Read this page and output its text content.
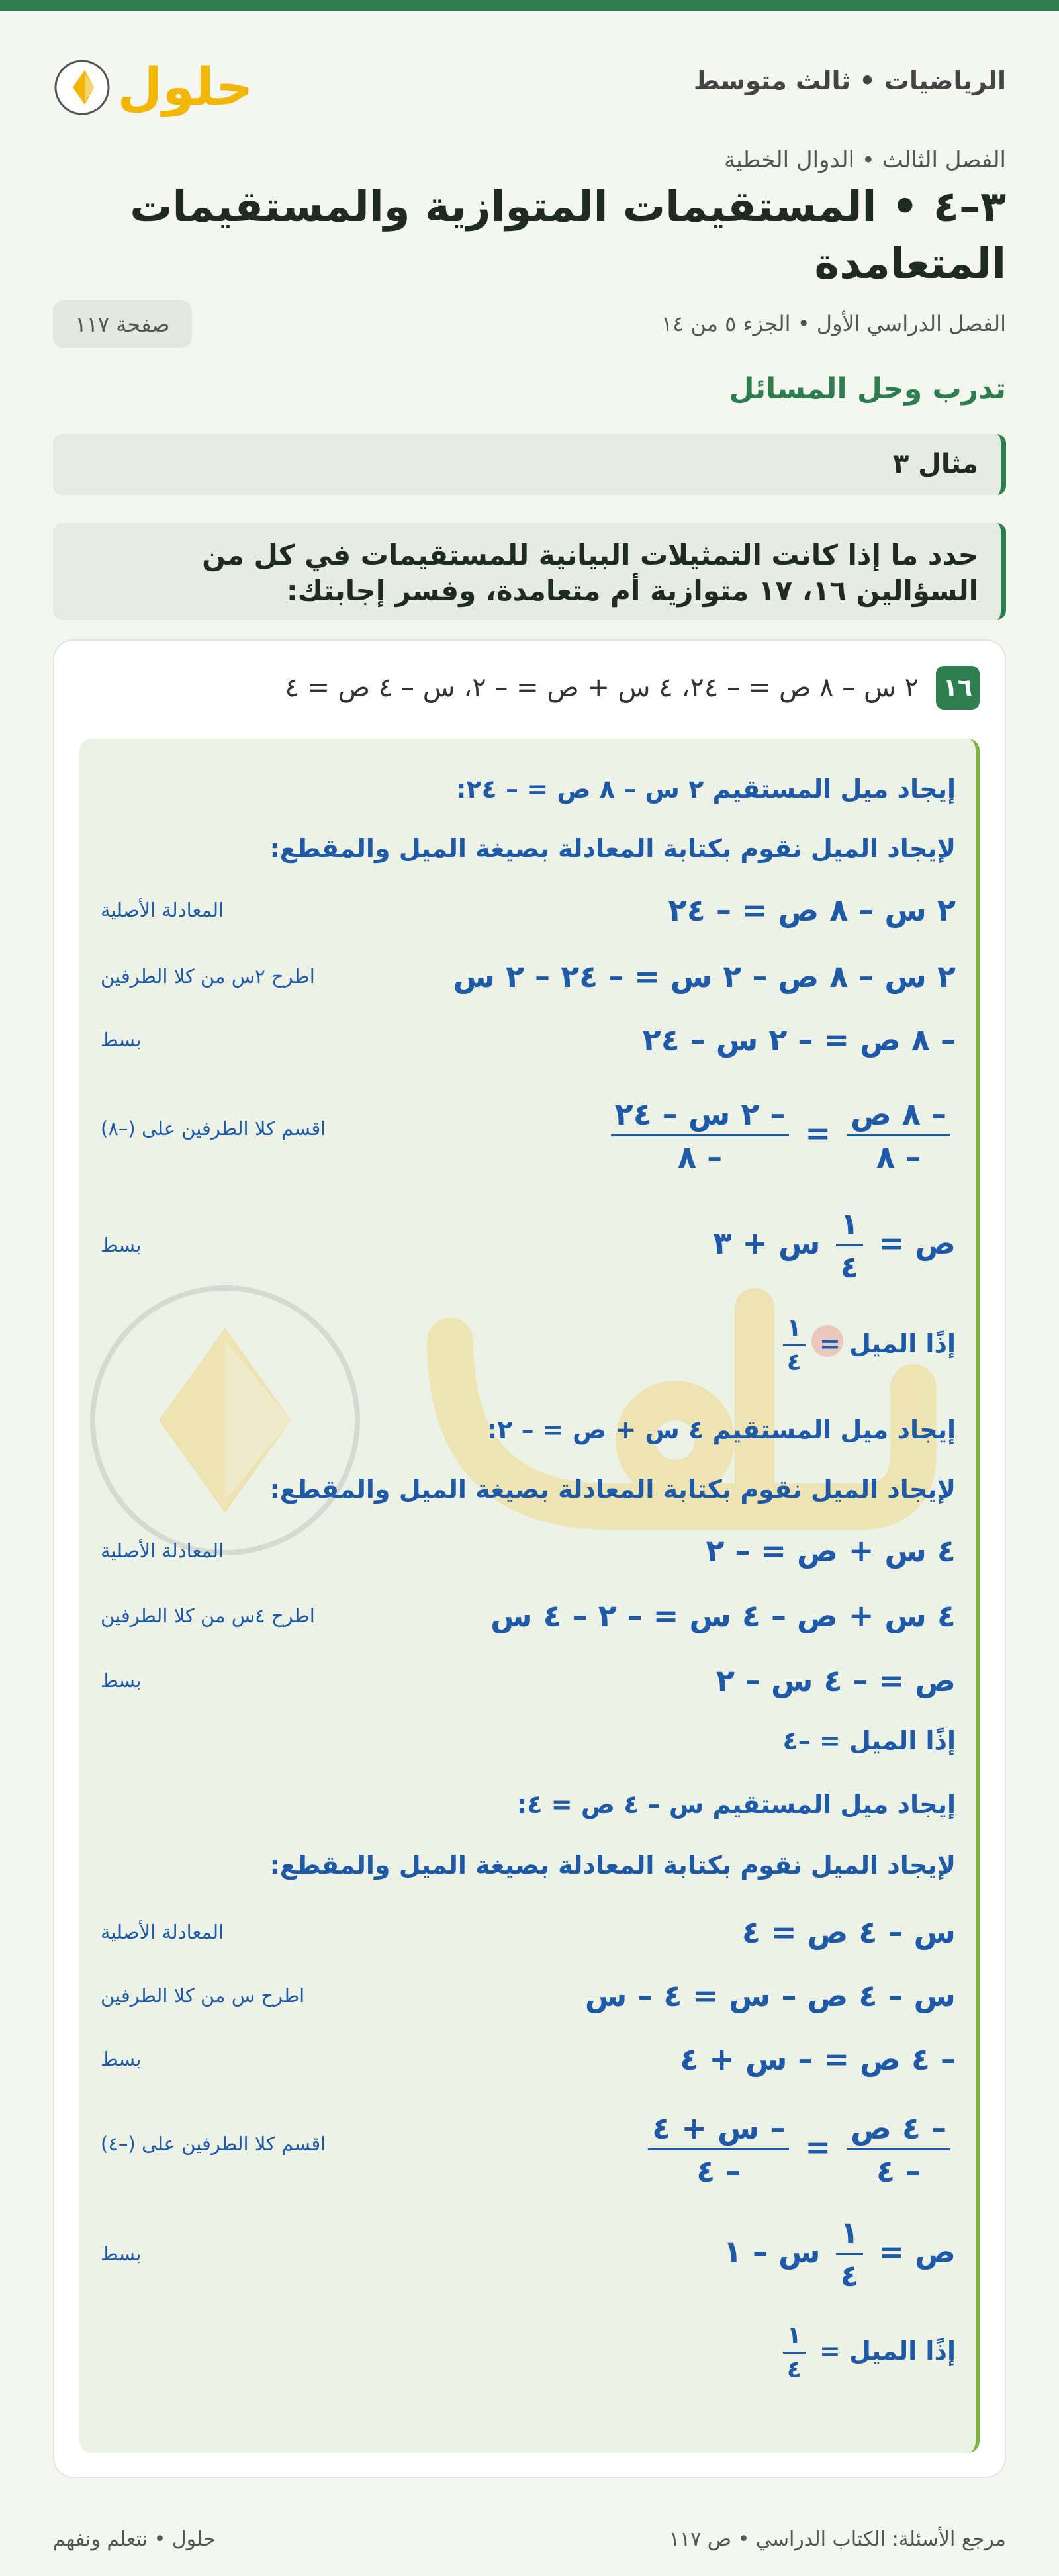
الرياضيات • ثالث متوسط
حلول
الفصل الثالث • الدوال الخطية
٣–٤ • المستقيمات المتوازية والمستقيمات المتعامدة
الفصل الدراسي الأول • الجزء ٥ من ١٤
صفحة ١١٧
تدرب وحل المسائل
مثال ٣
حدد ما إذا كانت التمثيلات البيانية للمستقيمات في كل من السؤالين ١٦، ١٧ متوازية أم متعامدة، وفسر إجابتك:
١٦
٢ س – ٨ ص = – ٢٤، ٤ س + ص = – ٢، س – ٤ ص = ٤
إيجاد ميل المستقيم ٢ س – ٨ ص = – ٢٤:
لإيجاد الميل نقوم بكتابة المعادلة بصيغة الميل والمقطع:
٢ س – ٨ ص = – ٢٤
المعادلة الأصلية
٢ س – ٨ ص – ٢ س = – ٢٤ – ٢ س
اطرح ٢س من كلا الطرفين
– ٨ ص = – ٢ س – ٢٤
بسط
$\frac{\text{– ٨ ص}}{- ٨}$
=
$\frac{\text{– ٢ س – ٢٤}}{- ٨}$
اقسم كلا الطرفين على (–٨)
ص =
$\frac{١}{٤}$
س + ٣
بسط
إذًا الميل =
$\frac{١}{٤}$
إيجاد ميل المستقيم ٤ س + ص = – ٢:
لإيجاد الميل نقوم بكتابة المعادلة بصيغة الميل والمقطع:
٤ س + ص = – ٢
المعادلة الأصلية
٤ س + ص – ٤ س = – ٢ – ٤ س
اطرح ٤س من كلا الطرفين
ص = – ٤ س – ٢
بسط
إذًا الميل = –٤
إيجاد ميل المستقيم س – ٤ ص = ٤:
لإيجاد الميل نقوم بكتابة المعادلة بصيغة الميل والمقطع:
س – ٤ ص = ٤
المعادلة الأصلية
س – ٤ ص – س = ٤ – س
اطرح س من كلا الطرفين
– ٤ ص = – س + ٤
بسط
$\frac{\text{– ٤ ص}}{- ٤}$
=
$\frac{\text{– س + ٤}}{- ٤}$
اقسم كلا الطرفين على (–٤)
ص =
$\frac{١}{٤}$
س – ١
بسط
إذًا الميل =
$\frac{١}{٤}$
مرجع الأسئلة: الكتاب الدراسي • ص ١١٧
حلول • نتعلم ونفهم
